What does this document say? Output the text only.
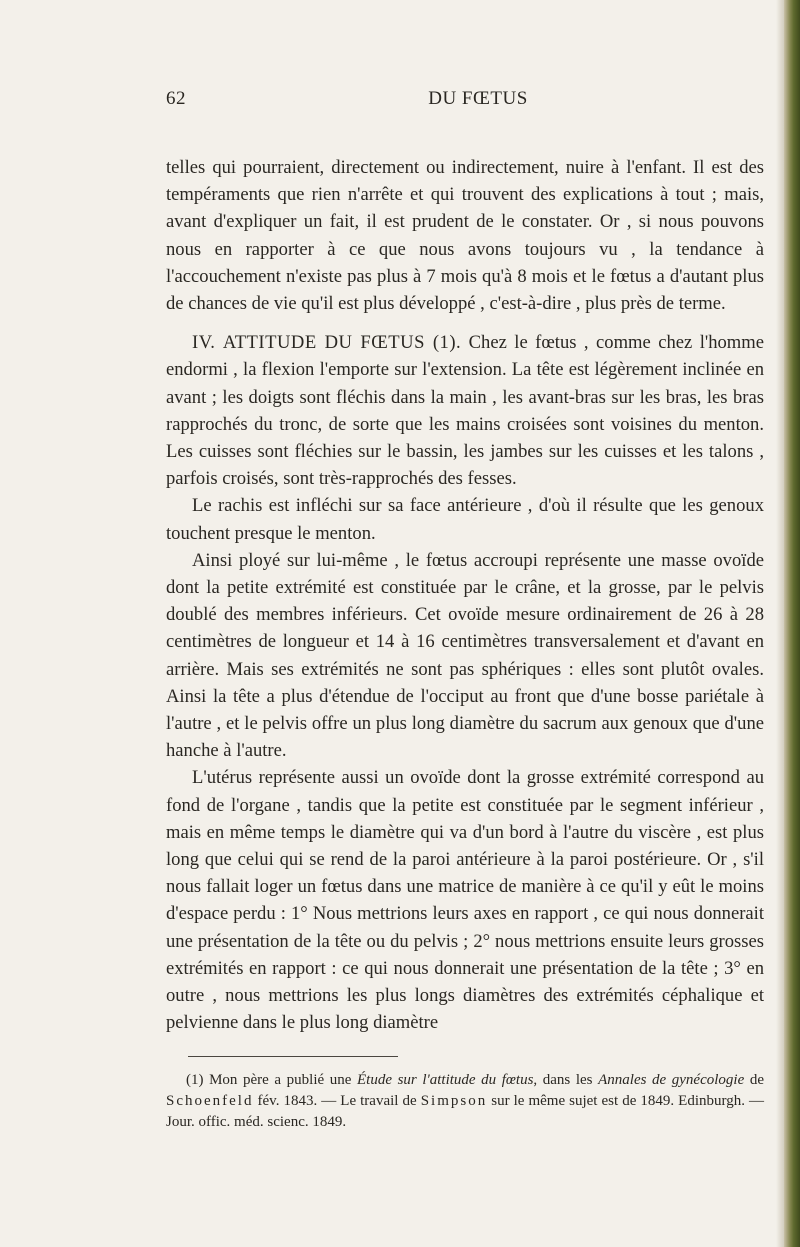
62	DU FŒTUS

telles qui pourraient, directement ou indirectement, nuire à l'enfant. Il est des tempéraments que rien n'arrête et qui trouvent des explications à tout ; mais, avant d'expliquer un fait, il est prudent de le constater. Or , si nous pouvons nous en rapporter à ce que nous avons toujours vu , la tendance à l'accouchement n'existe pas plus à 7 mois qu'à 8 mois et le fœtus a d'autant plus de chances de vie qu'il est plus développé , c'est-à-dire , plus près de terme.

IV. ATTITUDE DU FŒTUS (1). Chez le fœtus , comme chez l'homme endormi , la flexion l'emporte sur l'extension. La tête est légèrement inclinée en avant ; les doigts sont fléchis dans la main , les avant-bras sur les bras, les bras rapprochés du tronc, de sorte que les mains croisées sont voisines du menton. Les cuisses sont fléchies sur le bassin, les jambes sur les cuisses et les talons , parfois croisés, sont très-rapprochés des fesses.

Le rachis est infléchi sur sa face antérieure , d'où il résulte que les genoux touchent presque le menton.

Ainsi ployé sur lui-même , le fœtus accroupi représente une masse ovoïde dont la petite extrémité est constituée par le crâne, et la grosse, par le pelvis doublé des membres inférieurs. Cet ovoïde mesure ordinairement de 26 à 28 centimètres de longueur et 14 à 16 centimètres transversalement et d'avant en arrière. Mais ses extrémités ne sont pas sphériques : elles sont plutôt ovales. Ainsi la tête a plus d'étendue de l'occiput au front que d'une bosse pariétale à l'autre , et le pelvis offre un plus long diamètre du sacrum aux genoux que d'une hanche à l'autre.

L'utérus représente aussi un ovoïde dont la grosse extrémité correspond au fond de l'organe , tandis que la petite est constituée par le segment inférieur , mais en même temps le diamètre qui va d'un bord à l'autre du viscère , est plus long que celui qui se rend de la paroi antérieure à la paroi postérieure. Or , s'il nous fallait loger un fœtus dans une matrice de manière à ce qu'il y eût le moins d'espace perdu : 1° Nous mettrions leurs axes en rapport , ce qui nous donnerait une présentation de la tête ou du pelvis ; 2° nous mettrions ensuite leurs grosses extrémités en rapport : ce qui nous donnerait une présentation de la tête ; 3° en outre , nous mettrions les plus longs diamètres des extrémités céphalique et pelvienne dans le plus long diamètre

(1) Mon père a publié une Étude sur l'attitude du fœtus, dans les Annales de gynécologie de Schoenfeld fév. 1843. — Le travail de Simpson sur le même sujet est de 1849. Edinburgh. — Jour. offic. méd. scienc. 1849.
